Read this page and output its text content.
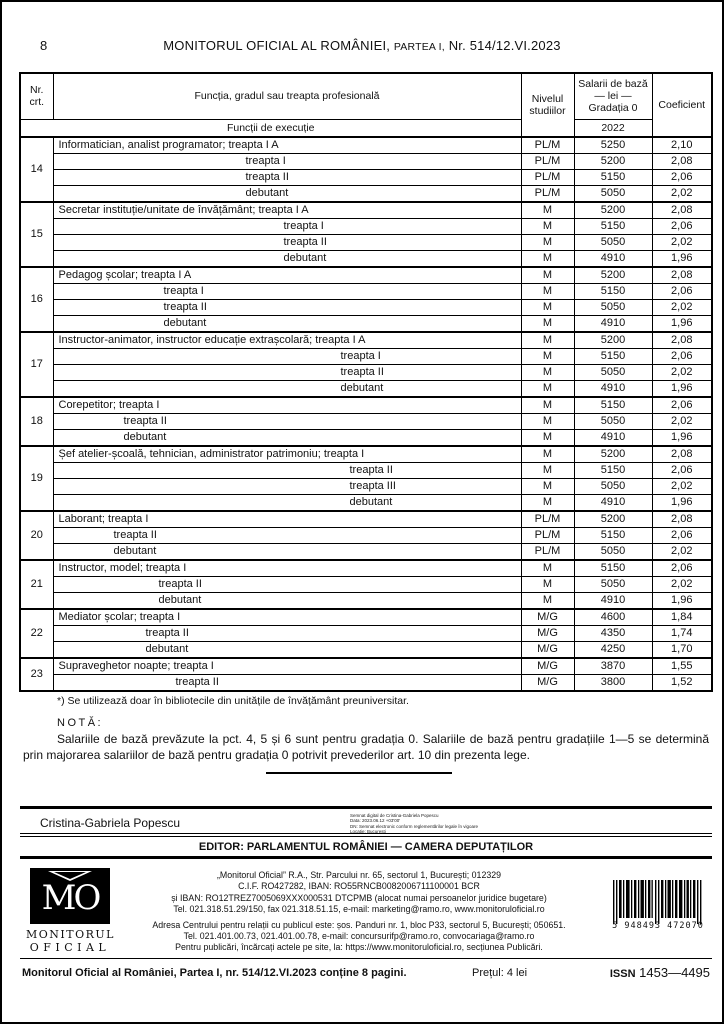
8	MONITORUL OFICIAL AL ROMÂNIEI, PARTEA I, Nr. 514/12.VI.2023
Nr. crt.	Funcția, gradul sau treapta profesională	Nivelul studiilor	Salarii de bază
— lei —
Gradația 0	Coeficient
Funcții de execuție			2022	
14	Informatician, analist programator; treapta I A	PL/M	5250	2,10
	treapta I	PL/M	5200	2,08
	treapta II	PL/M	5150	2,06
	debutant	PL/M	5050	2,02
15	Secretar instituție/unitate de învățământ; treapta I A	M	5200	2,08
	treapta I	M	5150	2,06
	treapta II	M	5050	2,02
	debutant	M	4910	1,96
16	Pedagog școlar; treapta I A	M	5200	2,08
	treapta I	M	5150	2,06
	treapta II	M	5050	2,02
	debutant	M	4910	1,96
17	Instructor-animator, instructor educație extrașcolară; treapta I A	M	5200	2,08
	treapta I	M	5150	2,06
	treapta II	M	5050	2,02
	debutant	M	4910	1,96
18	Corepetitor; treapta I	M	5150	2,06
	treapta II	M	5050	2,02
	debutant	M	4910	1,96
19	Șef atelier-școală, tehnician, administrator patrimoniu; treapta I	M	5200	2,08
	treapta II	M	5150	2,06
	treapta III	M	5050	2,02
	debutant	M	4910	1,96
20	Laborant; treapta I	PL/M	5200	2,08
	treapta II	PL/M	5150	2,06
	debutant	PL/M	5050	2,02
21	Instructor, model; treapta I	M	5150	2,06
	treapta II	M	5050	2,02
	debutant	M	4910	1,96
22	Mediator școlar; treapta I	M/G	4600	1,84
	treapta II	M/G	4350	1,74
	debutant	M/G	4250	1,70
23	Supraveghetor noapte; treapta I	M/G	3870	1,55
	treapta II	M/G	3800	1,52
*) Se utilizează doar în bibliotecile din unitățile de învățământ preuniversitar.
NOTĂ:
Salariile de bază prevăzute la pct. 4, 5 și 6 sunt pentru gradația 0. Salariile de bază pentru gradațiile 1—5 se determină prin majorarea salariilor de bază pentru gradația 0 potrivit prevederilor art. 10 din prezenta lege.
Cristina-Gabriela Popescu
Semnat digital de Cristina-Gabriela Popescu
Data: 2023.06.12 +03'00'
DN: Semnat electronic conform reglementărilor legale în vigoare
Locație: București
EDITOR: PARLAMENTUL ROMÂNIEI — CAMERA DEPUTAȚILOR
MO
MONITORUL
OFICIAL
„Monitorul Oficial” R.A., Str. Parcului nr. 65, sectorul 1, București; 012329
C.I.F. RO427282, IBAN: RO55RNCB0082006711100001 BCR
și IBAN: RO12TREZ7005069XXX000531 DTCPMB (alocat numai persoanelor juridice bugetare)
Tel. 021.318.51.29/150, fax 021.318.51.15, e-mail: marketing@ramo.ro, www.monitoruloficial.ro
Adresa Centrului pentru relații cu publicul este: șos. Panduri nr. 1, bloc P33, sectorul 5, București; 050651.
Tel. 021.401.00.73, 021.401.00.78, e-mail: concursurifp@ramo.ro, convocariaga@ramo.ro
Pentru publicări, încărcați actele pe site, la: https://www.monitoruloficial.ro, secțiunea Publicări.
5 948493 472070
Monitorul Oficial al României, Partea I, nr. 514/12.VI.2023 conține 8 pagini.	Prețul: 4 lei	ISSN 1453—4495
